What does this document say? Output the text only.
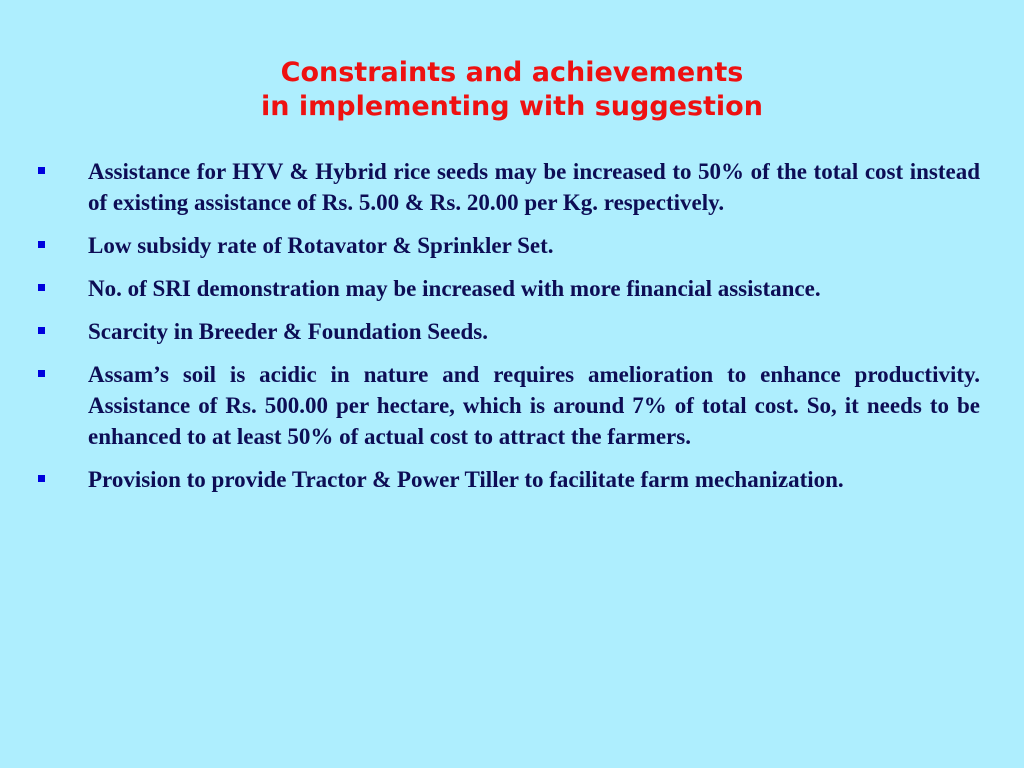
Constraints and achievements
in implementing with suggestion
Assistance for HYV & Hybrid rice seeds may be increased to 50% of the total cost instead of existing assistance of Rs. 5.00 & Rs. 20.00 per Kg. respectively.
Low subsidy rate of Rotavator & Sprinkler Set.
No. of SRI demonstration may be increased with more financial assistance.
Scarcity in Breeder & Foundation Seeds.
Assam’s soil is acidic in nature and requires amelioration to enhance productivity. Assistance of Rs. 500.00 per hectare, which is around 7% of total cost. So, it needs to be enhanced to at least 50% of actual cost to attract the farmers.
Provision to provide Tractor & Power Tiller to facilitate farm mechanization.
